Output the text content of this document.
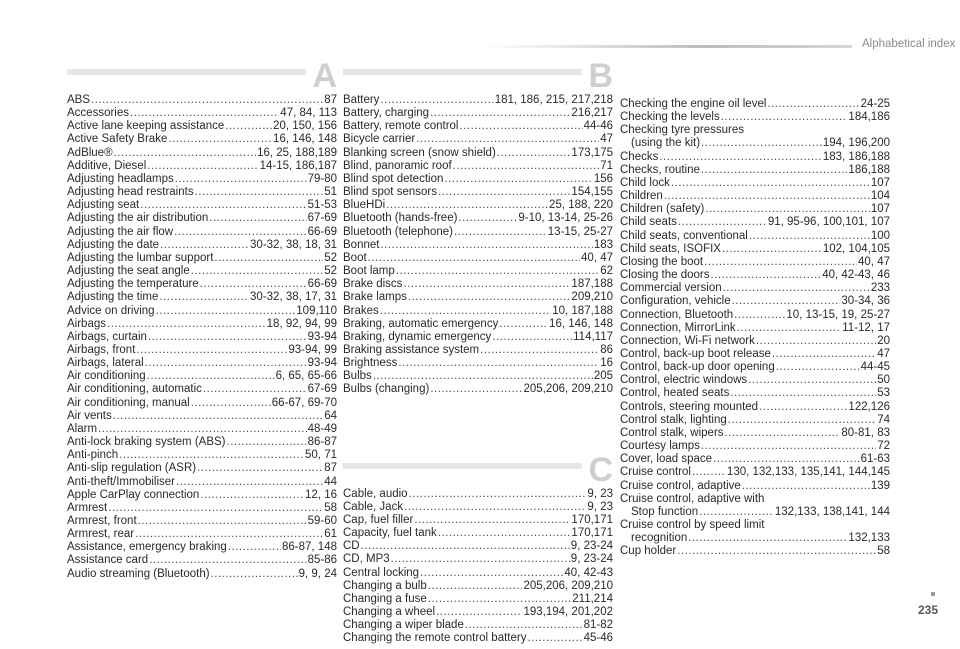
Alphabetical index
A
ABS .....	87
Accessories .....	47, 84, 113
Active lane keeping assistance .....	20, 150, 156
Active Safety Brake .....	16, 146, 148
AdBlue® .....	16, 25, 188,189
Additive, Diesel .....	14-15, 186,187
Adjusting headlamps .....	79-80
Adjusting head restraints .....	51
Adjusting seat .....	51-53
Adjusting the air distribution .....	67-69
Adjusting the air flow .....	66-69
Adjusting the date .....	30-32, 38, 18, 31
Adjusting the lumbar support .....	52
Adjusting the seat angle .....	52
Adjusting the temperature .....	66-69
Adjusting the time .....	30-32, 38, 17, 31
Advice on driving .....	109,110
Airbags .....	18, 92, 94, 99
Airbags, curtain .....	93-94
Airbags, front .....	93-94, 99
Airbags, lateral .....	93-94
Air conditioning .....	6, 65, 65-66
Air conditioning, automatic .....	67-69
Air conditioning, manual .....	66-67, 69-70
Air vents .....	64
Alarm .....	48-49
Anti-lock braking system (ABS) .....	86-87
Anti-pinch .....	50, 71
Anti-slip regulation (ASR) .....	87
Anti-theft/Immobiliser .....	44
Apple CarPlay connection .....	12, 16
Armrest .....	58
Armrest, front .....	59-60
Armrest, rear .....	61
Assistance, emergency braking .....	86-87, 148
Assistance card .....	85-86
Audio streaming (Bluetooth) .....	9, 9, 24
B
Battery .....	181, 186, 215, 217,218
Battery, charging .....	216,217
Battery, remote control .....	44-46
Bicycle carrier .....	47
Blanking screen (snow shield) .....	173,175
Blind, panoramic roof .....	71
Blind spot detection .....	156
Blind spot sensors .....	154,155
BlueHDi .....	25, 188, 220
Bluetooth (hands-free) .....	9-10, 13-14, 25-26
Bluetooth (telephone) .....	13-15, 25-27
Bonnet .....	183
Boot .....	40, 47
Boot lamp .....	62
Brake discs .....	187,188
Brake lamps .....	209,210
Brakes .....	10, 187,188
Braking, automatic emergency .....	16, 146, 148
Braking, dynamic emergency .....	114,117
Braking assistance system .....	86
Brightness .....	16
Bulbs .....	205
Bulbs (changing) .....	205,206, 209,210
C
Cable, audio .....	9, 23
Cable, Jack .....	9, 23
Cap, fuel filler .....	170,171
Capacity, fuel tank .....	170,171
CD .....	9, 23-24
CD, MP3 .....	9, 23-24
Central locking .....	40, 42-43
Changing a bulb .....	205,206, 209,210
Changing a fuse .....	211,214
Changing a wheel .....	193,194, 201,202
Changing a wiper blade .....	81-82
Changing the remote control battery .....	45-46
Checking the engine oil level .....	24-25
Checking the levels .....	184,186
Checking tyre pressures
(using the kit) .....	194, 196,200
Checks .....	183, 186,188
Checks, routine .....	186,188
Child lock .....	107
Children .....	104
Children (safety) .....	107
Child seats .....	91, 95-96, 100,101, 107
Child seats, conventional .....	100
Child seats, ISOFIX .....	102, 104,105
Closing the boot .....	40, 47
Closing the doors .....	40, 42-43, 46
Commercial version .....	233
Configuration, vehicle .....	30-34, 36
Connection, Bluetooth .....	10, 13-15, 19, 25-27
Connection, MirrorLink .....	11-12, 17
Connection, Wi-Fi network .....	20
Control, back-up boot release .....	47
Control, back-up door opening .....	44-45
Control, electric windows .....	50
Control, heated seats .....	53
Controls, steering mounted .....	122,126
Control stalk, lighting .....	74
Control stalk, wipers .....	80-81, 83
Courtesy lamps .....	72
Cover, load space .....	61-63
Cruise control .....	130, 132,133, 135,141, 144,145
Cruise control, adaptive .....	139
Cruise control, adaptive with
Stop function .....	132,133, 138,141, 144
Cruise control by speed limit
recognition .....	132,133
Cup holder .....	58
235
